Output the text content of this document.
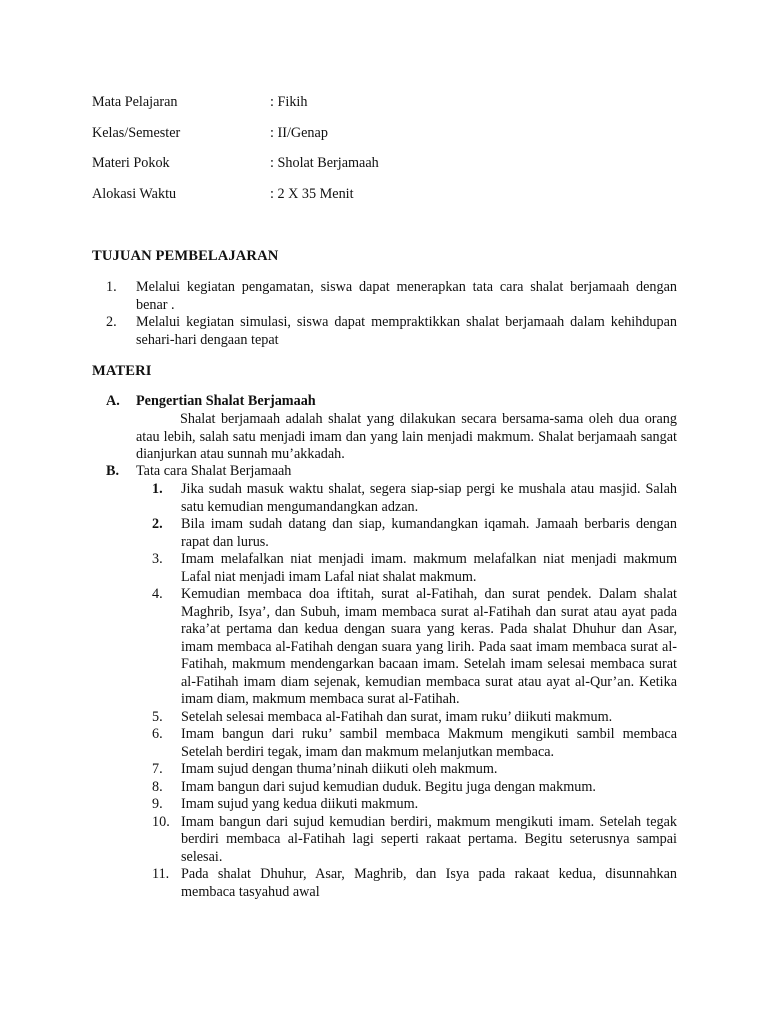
Mata Pelajaran	: Fikih
Kelas/Semester	: II/Genap
Materi Pokok	: Sholat Berjamaah
Alokasi Waktu	: 2 X 35 Menit
TUJUAN PEMBELAJARAN
1. Melalui kegiatan pengamatan, siswa dapat menerapkan tata cara shalat berjamaah dengan benar .
2. Melalui kegiatan simulasi, siswa dapat mempraktikkan shalat berjamaah dalam kehihdupan sehari-hari dengaan tepat
MATERI
A. Pengertian Shalat Berjamaah
Shalat berjamaah adalah shalat yang dilakukan secara bersama-sama oleh dua orang atau lebih, salah satu menjadi imam dan yang lain menjadi makmum. Shalat berjamaah sangat dianjurkan atau sunnah mu’akkadah.
B. Tata cara Shalat Berjamaah
1. Jika sudah masuk waktu shalat, segera siap-siap pergi ke mushala atau masjid. Salah satu kemudian mengumandangkan adzan.
2. Bila imam sudah datang dan siap, kumandangkan iqamah. Jamaah berbaris dengan rapat dan lurus.
3. Imam melafalkan niat menjadi imam. makmum melafalkan niat menjadi makmum Lafal niat menjadi imam Lafal niat shalat makmum.
4. Kemudian membaca doa iftitah, surat al-Fatihah, dan surat pendek. Dalam shalat Maghrib, Isya’, dan Subuh, imam membaca surat al-Fatihah dan surat atau ayat pada raka’at pertama dan kedua dengan suara yang keras. Pada shalat Dhuhur dan Asar, imam membaca al-Fatihah dengan suara yang lirih. Pada saat imam membaca surat al-Fatihah, makmum mendengarkan bacaan imam. Setelah imam selesai membaca surat al-Fatihah imam diam sejenak, kemudian membaca surat atau ayat al-Qur’an. Ketika imam diam, makmum membaca surat al-Fatihah.
5. Setelah selesai membaca al-Fatihah dan surat, imam ruku’ diikuti makmum.
6. Imam bangun dari ruku’ sambil membaca Makmum mengikuti sambil membaca Setelah berdiri tegak, imam dan makmum melanjutkan membaca.
7. Imam sujud dengan thuma’ninah diikuti oleh makmum.
8. Imam bangun dari sujud kemudian duduk. Begitu juga dengan makmum.
9. Imam sujud yang kedua diikuti makmum.
10. Imam bangun dari sujud kemudian berdiri, makmum mengikuti imam. Setelah tegak berdiri membaca al-Fatihah lagi seperti rakaat pertama. Begitu seterusnya sampai selesai.
11. Pada shalat Dhuhur, Asar, Maghrib, dan Isya pada rakaat kedua, disunnahkan membaca tasyahud awal
